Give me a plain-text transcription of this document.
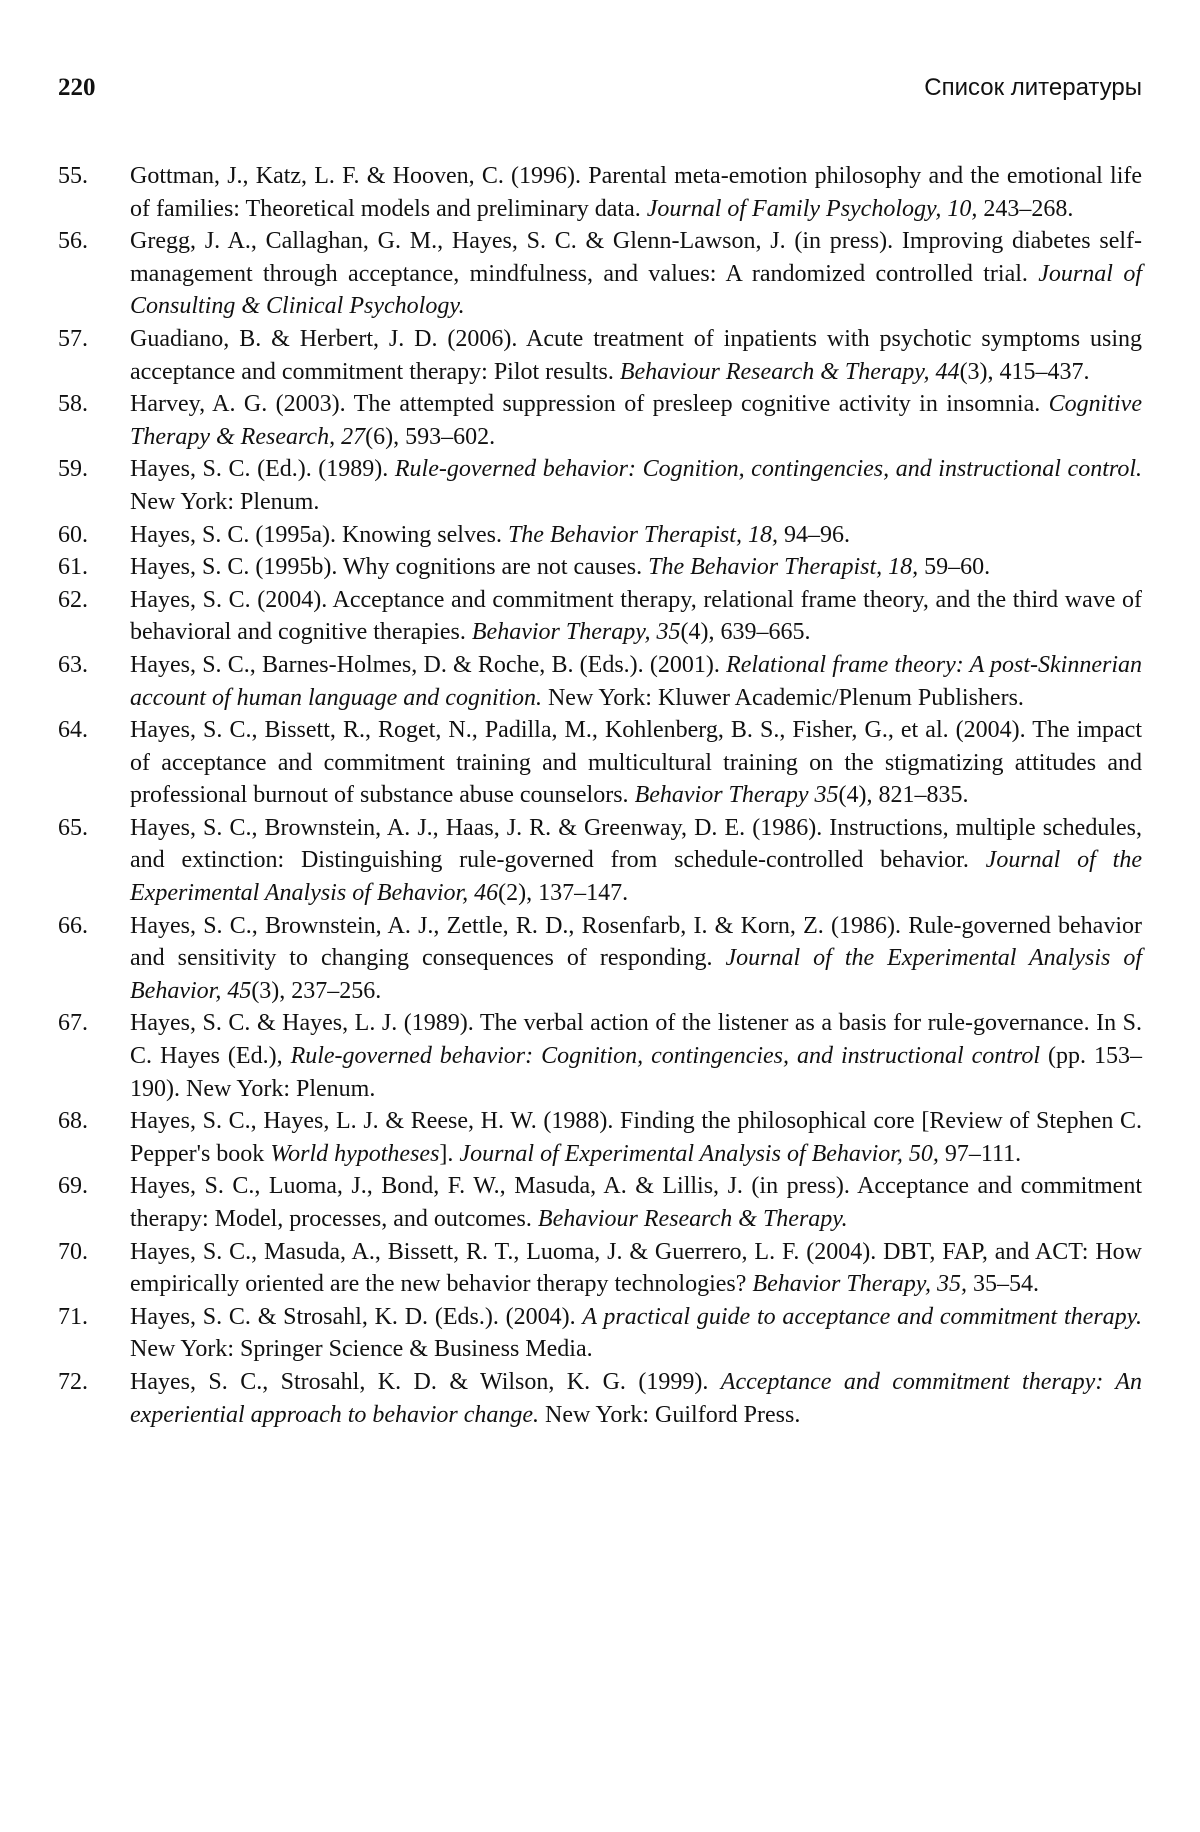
220	Список литературы
55.	Gottman, J., Katz, L. F. & Hooven, C. (1996). Parental meta-emotion philosophy and the emotional life of families: Theoretical models and preliminary data. Journal of Family Psychology, 10, 243–268.
56.	Gregg, J. A., Callaghan, G. M., Hayes, S. C. & Glenn-Lawson, J. (in press). Improving diabetes self-management through acceptance, mindfulness, and values: A randomized controlled trial. Journal of Consulting & Clinical Psychology.
57.	Guadiano, B. & Herbert, J. D. (2006). Acute treatment of inpatients with psychotic symptoms using acceptance and commitment therapy: Pilot results. Behaviour Research & Therapy, 44(3), 415–437.
58.	Harvey, A. G. (2003). The attempted suppression of presleep cognitive activity in insomnia. Cognitive Therapy & Research, 27(6), 593–602.
59.	Hayes, S. C. (Ed.). (1989). Rule-governed behavior: Cognition, contingencies, and instructional control. New York: Plenum.
60.	Hayes, S. C. (1995a). Knowing selves. The Behavior Therapist, 18, 94–96.
61.	Hayes, S. C. (1995b). Why cognitions are not causes. The Behavior Therapist, 18, 59–60.
62.	Hayes, S. C. (2004). Acceptance and commitment therapy, relational frame theory, and the third wave of behavioral and cognitive therapies. Behavior Therapy, 35(4), 639–665.
63.	Hayes, S. C., Barnes-Holmes, D. & Roche, B. (Eds.). (2001). Relational frame theory: A post-Skinnerian account of human language and cognition. New York: Kluwer Academic/Plenum Publishers.
64.	Hayes, S. C., Bissett, R., Roget, N., Padilla, M., Kohlenberg, B. S., Fisher, G., et al. (2004). The impact of acceptance and commitment training and multicultural training on the stigmatizing attitudes and professional burnout of substance abuse counselors. Behavior Therapy 35(4), 821–835.
65.	Hayes, S. C., Brownstein, A. J., Haas, J. R. & Greenway, D. E. (1986). Instructions, multiple schedules, and extinction: Distinguishing rule-governed from schedule-controlled behavior. Journal of the Experimental Analysis of Behavior, 46(2), 137–147.
66.	Hayes, S. C., Brownstein, A. J., Zettle, R. D., Rosenfarb, I. & Korn, Z. (1986). Rule-governed behavior and sensitivity to changing consequences of responding. Journal of the Experimental Analysis of Behavior, 45(3), 237–256.
67.	Hayes, S. C. & Hayes, L. J. (1989). The verbal action of the listener as a basis for rule-governance. In S. C. Hayes (Ed.), Rule-governed behavior: Cognition, contingencies, and instructional control (pp. 153–190). New York: Plenum.
68.	Hayes, S. C., Hayes, L. J. & Reese, H. W. (1988). Finding the philosophical core [Review of Stephen C. Pepper's book World hypotheses]. Journal of Experimental Analysis of Behavior, 50, 97–111.
69.	Hayes, S. C., Luoma, J., Bond, F. W., Masuda, A. & Lillis, J. (in press). Acceptance and commitment therapy: Model, processes, and outcomes. Behaviour Research & Therapy.
70.	Hayes, S. C., Masuda, A., Bissett, R. T., Luoma, J. & Guerrero, L. F. (2004). DBT, FAP, and ACT: How empirically oriented are the new behavior therapy technologies? Behavior Therapy, 35, 35–54.
71.	Hayes, S. C. & Strosahl, K. D. (Eds.). (2004). A practical guide to acceptance and commitment therapy. New York: Springer Science & Business Media.
72.	Hayes, S. C., Strosahl, K. D. & Wilson, K. G. (1999). Acceptance and commitment therapy: An experiential approach to behavior change. New York: Guilford Press.
